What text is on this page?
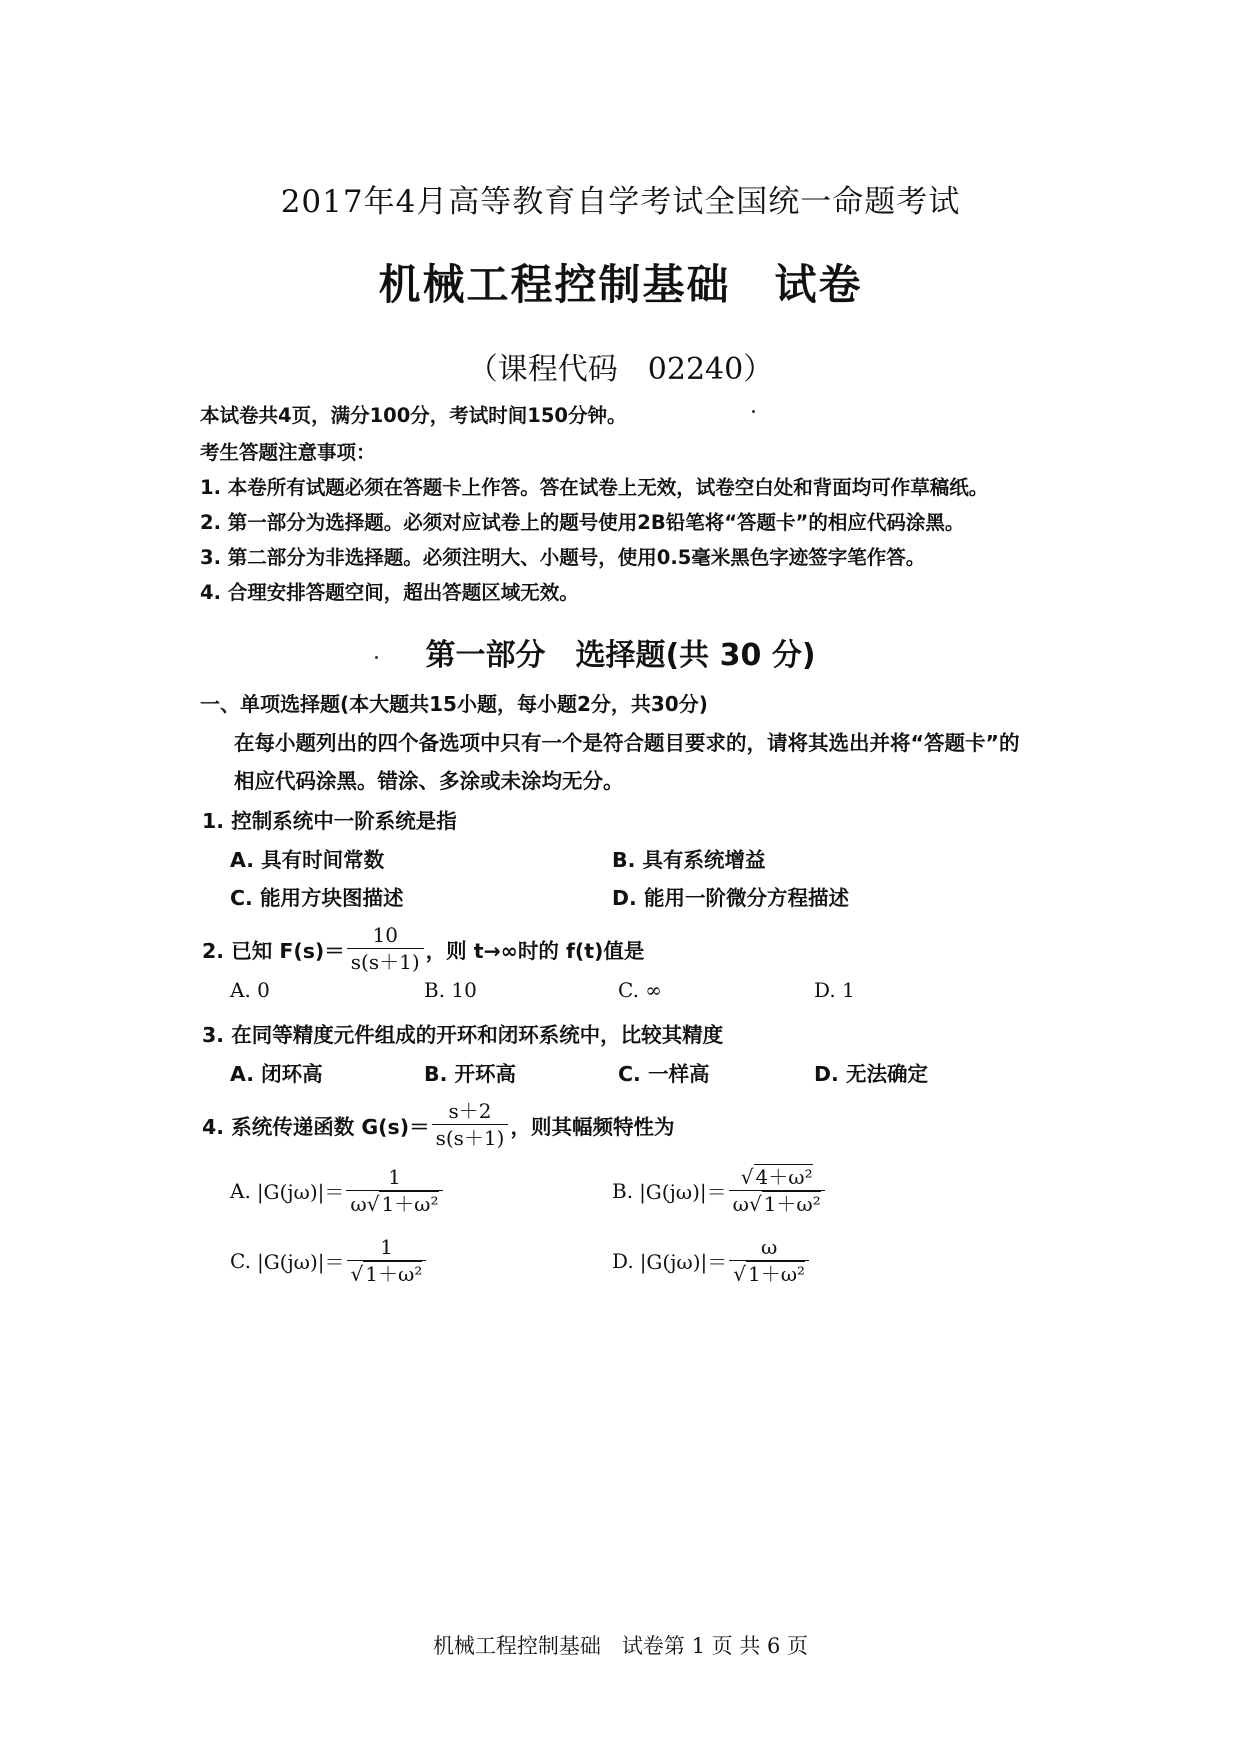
2017年4月高等教育自学考试全国统一命题考试
机械工程控制基础　试卷
（课程代码　02240）
本试卷共4页，满分100分，考试时间150分钟。
考生答题注意事项：
1. 本卷所有试题必须在答题卡上作答。答在试卷上无效，试卷空白处和背面均可作草稿纸。
2. 第一部分为选择题。必须对应试卷上的题号使用2B铅笔将“答题卡”的相应代码涂黑。
3. 第二部分为非选择题。必须注明大、小题号，使用0.5毫米黑色字迹签字笔作答。
4. 合理安排答题空间，超出答题区域无效。
第一部分　选择题(共 30 分)
一、单项选择题(本大题共15小题，每小题2分，共30分)
在每小题列出的四个备选项中只有一个是符合题目要求的，请将其选出并将“答题卡”的
相应代码涂黑。错涂、多涂或未涂均无分。
1. 控制系统中一阶系统是指
A. 具有时间常数	B. 具有系统增益
C. 能用方块图描述	D. 能用一阶微分方程描述
2. 已知 $F(s)= \frac{10}{s(s+1)}$ ，则 t→∞时的 f(t)值是
A. 0	B. 10	C. ∞	D. 1
3. 在同等精度元件组成的开环和闭环系统中，比较其精度
A. 闭环高	B. 开环高	C. 一样高	D. 无法确定
4. 系统传递函数 $G(s)= \frac{s+2}{s(s+1)}$ ，则其幅频特性为
A. $|G(j\omega)|= \frac{1}{\text{ω√ 1＋ω²}}$	B. $|G(j\omega)|= \frac{\text{√ 4＋ω²}}{\text{ω√ 1＋ω²}}$
C. $|G(j\omega)|= \frac{1}{\text{√ 1＋ω²}}$	D. $|G(j\omega)|= \frac{\omega}{\text{√ 1＋ω²}}$
机械工程控制基础　试卷第 1 页 共 6 页
